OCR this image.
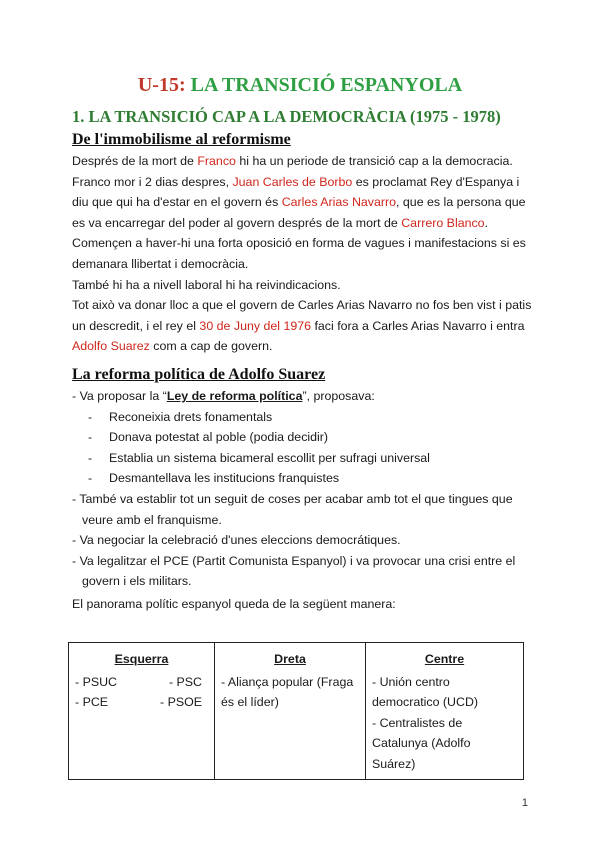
U-15: LA TRANSICIÓ ESPANYOLA
1. LA TRANSICIÓ CAP A LA DEMOCRÀCIA (1975 - 1978)
De l'immobilisme al reformisme

Després de la mort de Franco hi ha un periode de transició cap a la democracia.

Franco mor i 2 dias despres, Juan Carles de Borbo es proclamat Rey d'Espanya i

diu que qui ha d'estar en el govern és Carles Arias Navarro, que es la persona que

es va encarregar del poder al govern després de la mort de Carrero Blanco.

Començen a haver-hi una forta oposició en forma de vagues i manifestacions si es

demanara llibertat i democràcia.

També hi ha a nivell laboral hi ha reivindicacions.

Tot això va donar lloc a que el govern de Carles Arias Navarro no fos ben vist i patis

un descredit, i el rey el 30 de Juny del 1976 faci fora a Carles Arias Navarro i entra

Adolfo Suarez com a cap de govern.

La reforma política de Adolfo Suarez
- Va proposar la “Ley de reforma política”, proposava:
- Reconeixia drets fonamentals
- Donava potestat al poble (podia decidir)
- Establia un sistema bicameral escollit per sufragi universal
- Desmantellava les institucions franquistes
- També va establir tot un seguit de coses per acabar amb tot el que tingues que
veure amb el franquisme.
- Va negociar la celebració d'unes eleccions democrátiques.
- Va legalitzar el PCE (Partit Comunista Espanyol) i va provocar una crisi entre el
govern i els militars.
El panorama polític espanyol queda de la següent manera:
Esquerra
- PSUC	- PSC
- PCE	- PSOE

Dreta
- Aliança popular (Fraga
és el líder)

Centre
- Unión centro
democratico (UCD)
- Centralistes de
Catalunya (Adolfo Suárez)
1
